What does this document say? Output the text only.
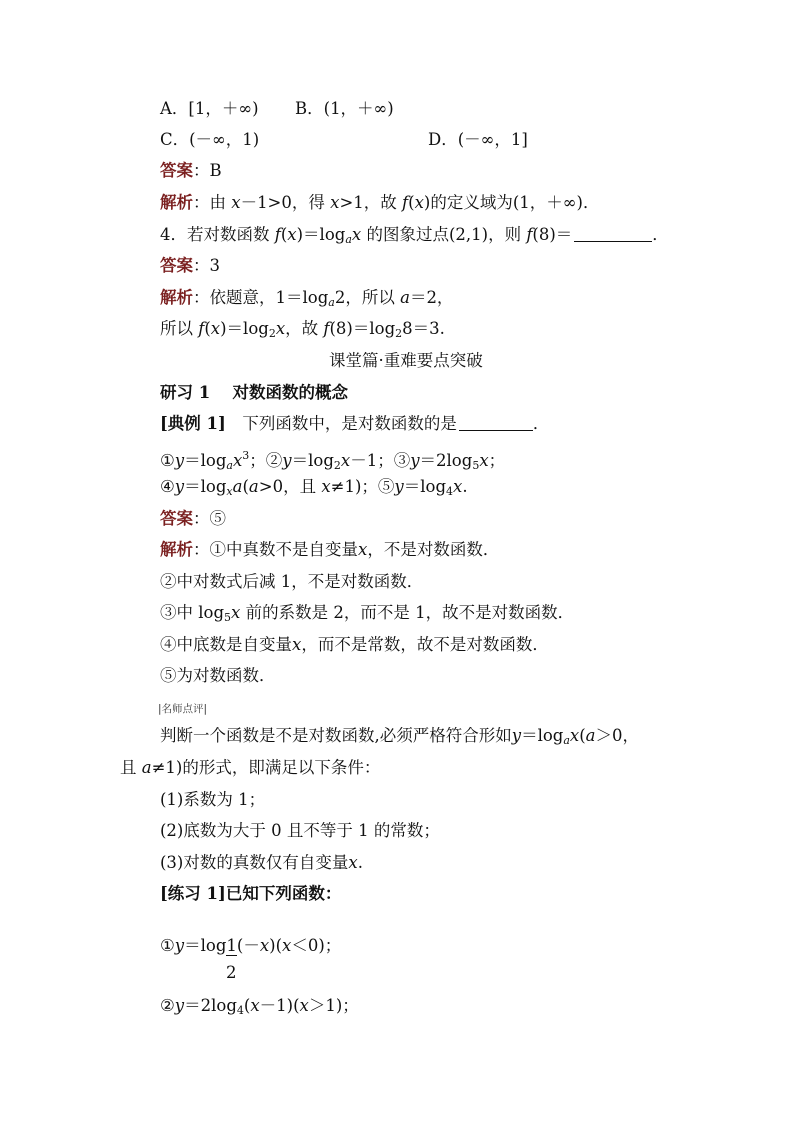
A．[1，＋∞) B．(1，＋∞)
C．(－∞，1)	D．(－∞，1]
答案：B
解析：由 x－1>0，得 x>1，故 f(x)的定义域为(1，＋∞)．
4．若对数函数 $f(x)=\log_ax$ 的图象过点(2,1)，则 f(8)＝	．
答案：3
解析：依题意，$1=\log_a2$，所以 a＝2，
所以 $f(x)=\log_2x$，故 $f(8)=\log_28=3$.
课堂篇·重难要点突破
研习 1　 对数函数的概念
[典例 1]　下列函数中，是对数函数的是	．
$①y=\log_ax^3$；$②y=\log_2x-1$；$③y=2\log_5x$；
$④y=\log_xa(a>0$，且 x≠1)；$⑤y=\log_4x$.
答案：⑤
解析：①中真数不是自变量x，不是对数函数．
②中对数式后减 1，不是对数函数．
③中 $\log_5x$ 前的系数是 2，而不是 1，故不是对数函数．
④中底数是自变量x，而不是常数，故不是对数函数．
⑤为对数函数．
|名师点评|
判断一个函数是不是对数函数,必须严格符合形如$y=\log_ax(a>0$，
且 a≠1)的形式，即满足以下条件：
(1)系数为 1；
(2)底数为大于 0 且不等于 1 的常数；
(3)对数的真数仅有自变量x.
[练习 1]已知下列函数：
①y＝log1(－x)(x＜0)；
2
$②y=2\log_4(x-1)(x>1)$；
